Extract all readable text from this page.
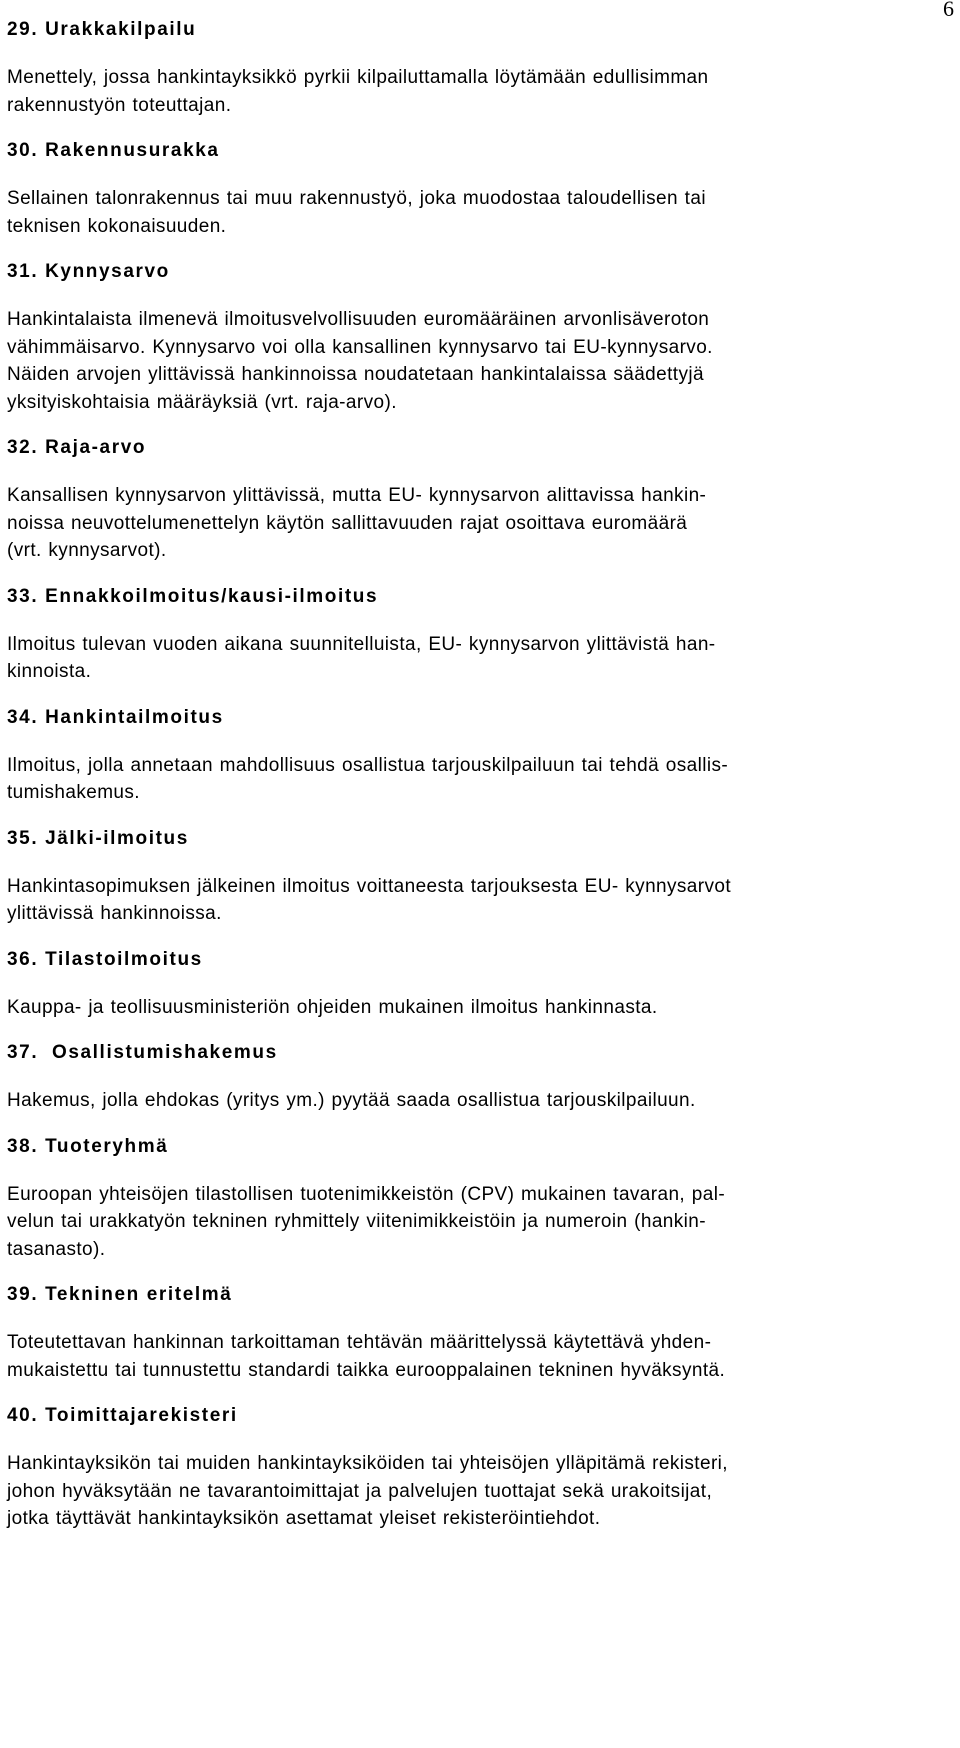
6
29. Urakkakilpailu
Menettely, jossa hankintayksikkö pyrkii kilpailuttamalla löytämään edullisimman
rakennustyön toteuttajan.
30. Rakennusurakka
Sellainen talonrakennus tai muu rakennustyö, joka muodostaa taloudellisen tai
teknisen kokonaisuuden.
31. Kynnysarvo
Hankintalaista ilmenevä ilmoitusvelvollisuuden euromääräinen arvonlisäveroton
vähimmäisarvo. Kynnysarvo voi olla kansallinen kynnysarvo tai EU-kynnysarvo.
Näiden arvojen ylittävissä hankinnoissa noudatetaan hankintalaissa säädettyjä
yksityiskohtaisia määräyksiä (vrt. raja-arvo).
32. Raja-arvo
Kansallisen kynnysarvon ylittävissä, mutta EU- kynnysarvon alittavissa hankin-
noissa neuvottelumenettelyn käytön sallittavuuden rajat osoittava euromäärä
(vrt. kynnysarvot).
33. Ennakkoilmoitus/kausi-ilmoitus
Ilmoitus tulevan vuoden aikana suunnitelluista, EU- kynnysarvon ylittävistä han-
kinnoista.
34. Hankintailmoitus
Ilmoitus, jolla annetaan mahdollisuus osallistua tarjouskilpailuun tai tehdä osallis-
tumishakemus.
35. Jälki-ilmoitus
Hankintasopimuksen jälkeinen ilmoitus voittaneesta tarjouksesta EU- kynnysarvot
ylittävissä hankinnoissa.
36. Tilastoilmoitus
Kauppa- ja teollisuusministeriön ohjeiden mukainen ilmoitus hankinnasta.
37.  Osallistumishakemus
Hakemus, jolla ehdokas (yritys ym.) pyytää saada osallistua tarjouskilpailuun.
38. Tuoteryhmä
Euroopan yhteisöjen tilastollisen tuotenimikkeistön (CPV) mukainen tavaran, pal-
velun tai urakkatyön tekninen ryhmittely viitenimikkeistöin ja numeroin (hankin-
tasanasto).
39. Tekninen eritelmä
Toteutettavan hankinnan tarkoittaman tehtävän määrittelyssä käytettävä yhden-
mukaistettu tai tunnustettu standardi taikka eurooppalainen tekninen hyväksyntä.
40. Toimittajarekisteri
Hankintayksikön tai muiden hankintayksiköiden tai yhteisöjen ylläpitämä rekisteri,
johon hyväksytään ne tavarantoimittajat ja palvelujen tuottajat sekä urakoitsijat,
jotka täyttävät hankintayksikön asettamat yleiset rekisteröintiehdot.
